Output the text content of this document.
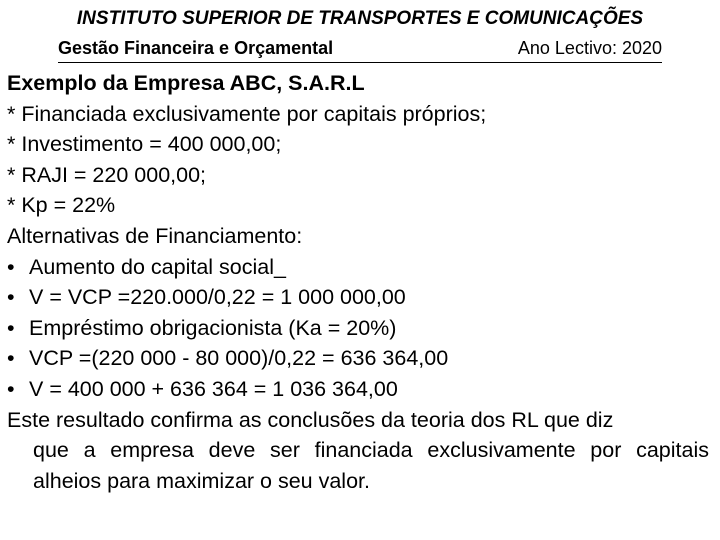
INSTITUTO SUPERIOR DE TRANSPORTES E COMUNICAÇÕES
Gestão Financeira e Orçamental	Ano Lectivo: 2020
Exemplo da Empresa ABC, S.A.R.L
* Financiada exclusivamente por capitais próprios;
* Investimento = 400 000,00;
* RAJI = 220 000,00;
* Kp = 22%
Alternativas de Financiamento:
• Aumento do capital social_
• V = VCP =220.000/0,22 = 1 000 000,00
• Empréstimo obrigacionista (Ka = 20%)
• VCP =(220 000 - 80 000)/0,22 = 636 364,00
• V = 400 000 + 636 364 = 1 036 364,00
Este resultado confirma as conclusões da teoria dos RL que diz
que a empresa deve ser financiada exclusivamente por capitais alheios para maximizar o seu valor.
